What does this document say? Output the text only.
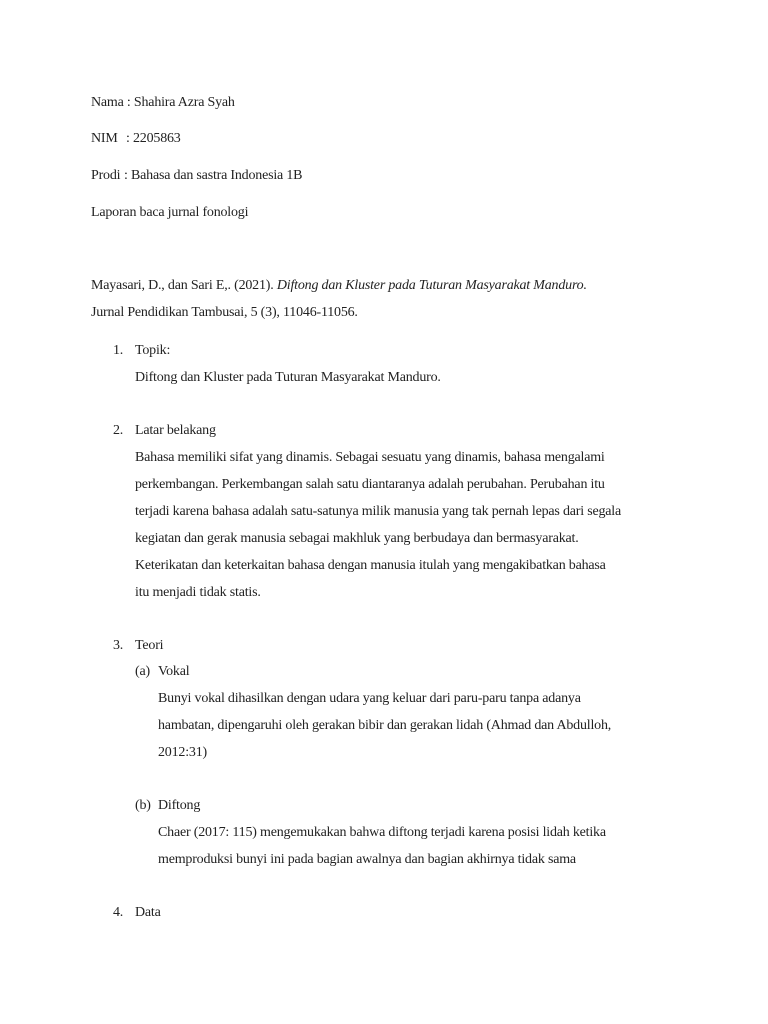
Nama : Shahira Azra Syah
NIM : 2205863
Prodi : Bahasa dan sastra Indonesia 1B
Laporan baca jurnal fonologi
Mayasari, D., dan Sari E,. (2021). Diftong dan Kluster pada Tuturan Masyarakat Manduro.
Jurnal Pendidikan Tambusai, 5 (3), 11046-11056.
1. Topik:
Diftong dan Kluster pada Tuturan Masyarakat Manduro.
2. Latar belakang
Bahasa memiliki sifat yang dinamis. Sebagai sesuatu yang dinamis, bahasa mengalami
perkembangan. Perkembangan salah satu diantaranya adalah perubahan. Perubahan itu
terjadi karena bahasa adalah satu-satunya milik manusia yang tak pernah lepas dari segala
kegiatan dan gerak manusia sebagai makhluk yang berbudaya dan bermasyarakat.
Keterikatan dan keterkaitan bahasa dengan manusia itulah yang mengakibatkan bahasa
itu menjadi tidak statis.
3. Teori
(a) Vokal
Bunyi vokal dihasilkan dengan udara yang keluar dari paru-paru tanpa adanya
hambatan, dipengaruhi oleh gerakan bibir dan gerakan lidah (Ahmad dan Abdulloh,
2012:31)
(b) Diftong
Chaer (2017: 115) mengemukakan bahwa diftong terjadi karena posisi lidah ketika
memproduksi bunyi ini pada bagian awalnya dan bagian akhirnya tidak sama
4. Data
